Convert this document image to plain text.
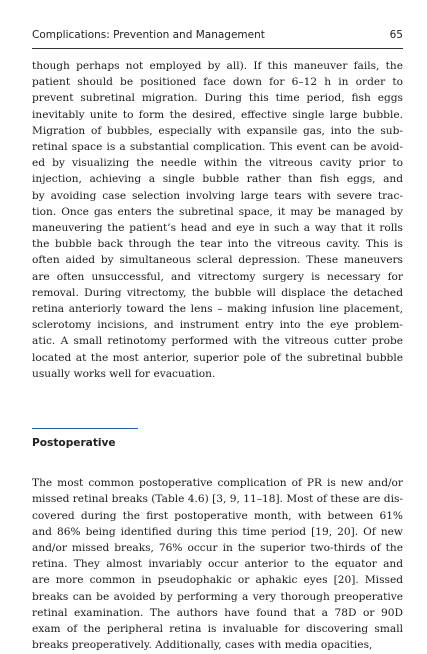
Complications: Prevention and Management	65
though perhaps not employed by all). If this maneuver fails, the
patient should be positioned face down for 6–12 h in order to
prevent subretinal migration. During this time period, fish eggs
inevitably unite to form the desired, effective single large bubble.
Migration of bubbles, especially with expansile gas, into the sub-
retinal space is a substantial complication. This event can be avoid-
ed by visualizing the needle within the vitreous cavity prior to
injection, achieving a single bubble rather than fish eggs, and
by avoiding case selection involving large tears with severe trac-
tion. Once gas enters the subretinal space, it may be managed by
maneuvering the patient’s head and eye in such a way that it rolls
the bubble back through the tear into the vitreous cavity. This is
often aided by simultaneous scleral depression. These maneuvers
are often unsuccessful, and vitrectomy surgery is necessary for
removal. During vitrectomy, the bubble will displace the detached
retina anteriorly toward the lens – making infusion line placement,
sclerotomy incisions, and instrument entry into the eye problem-
atic. A small retinotomy performed with the vitreous cutter probe
located at the most anterior, superior pole of the subretinal bubble
usually works well for evacuation.
Postoperative
The most common postoperative complication of PR is new and/or
missed retinal breaks (Table 4.6) [3, 9, 11–18]. Most of these are dis-
covered during the first postoperative month, with between 61%
and 86% being identified during this time period [19, 20]. Of new
and/or missed breaks, 76% occur in the superior two-thirds of the
retina. They almost invariably occur anterior to the equator and
are more common in pseudophakic or aphakic eyes [20]. Missed
breaks can be avoided by performing a very thorough preoperative
retinal examination. The authors have found that a 78D or 90D
exam of the peripheral retina is invaluable for discovering small
breaks preoperatively. Additionally, cases with media opacities,
